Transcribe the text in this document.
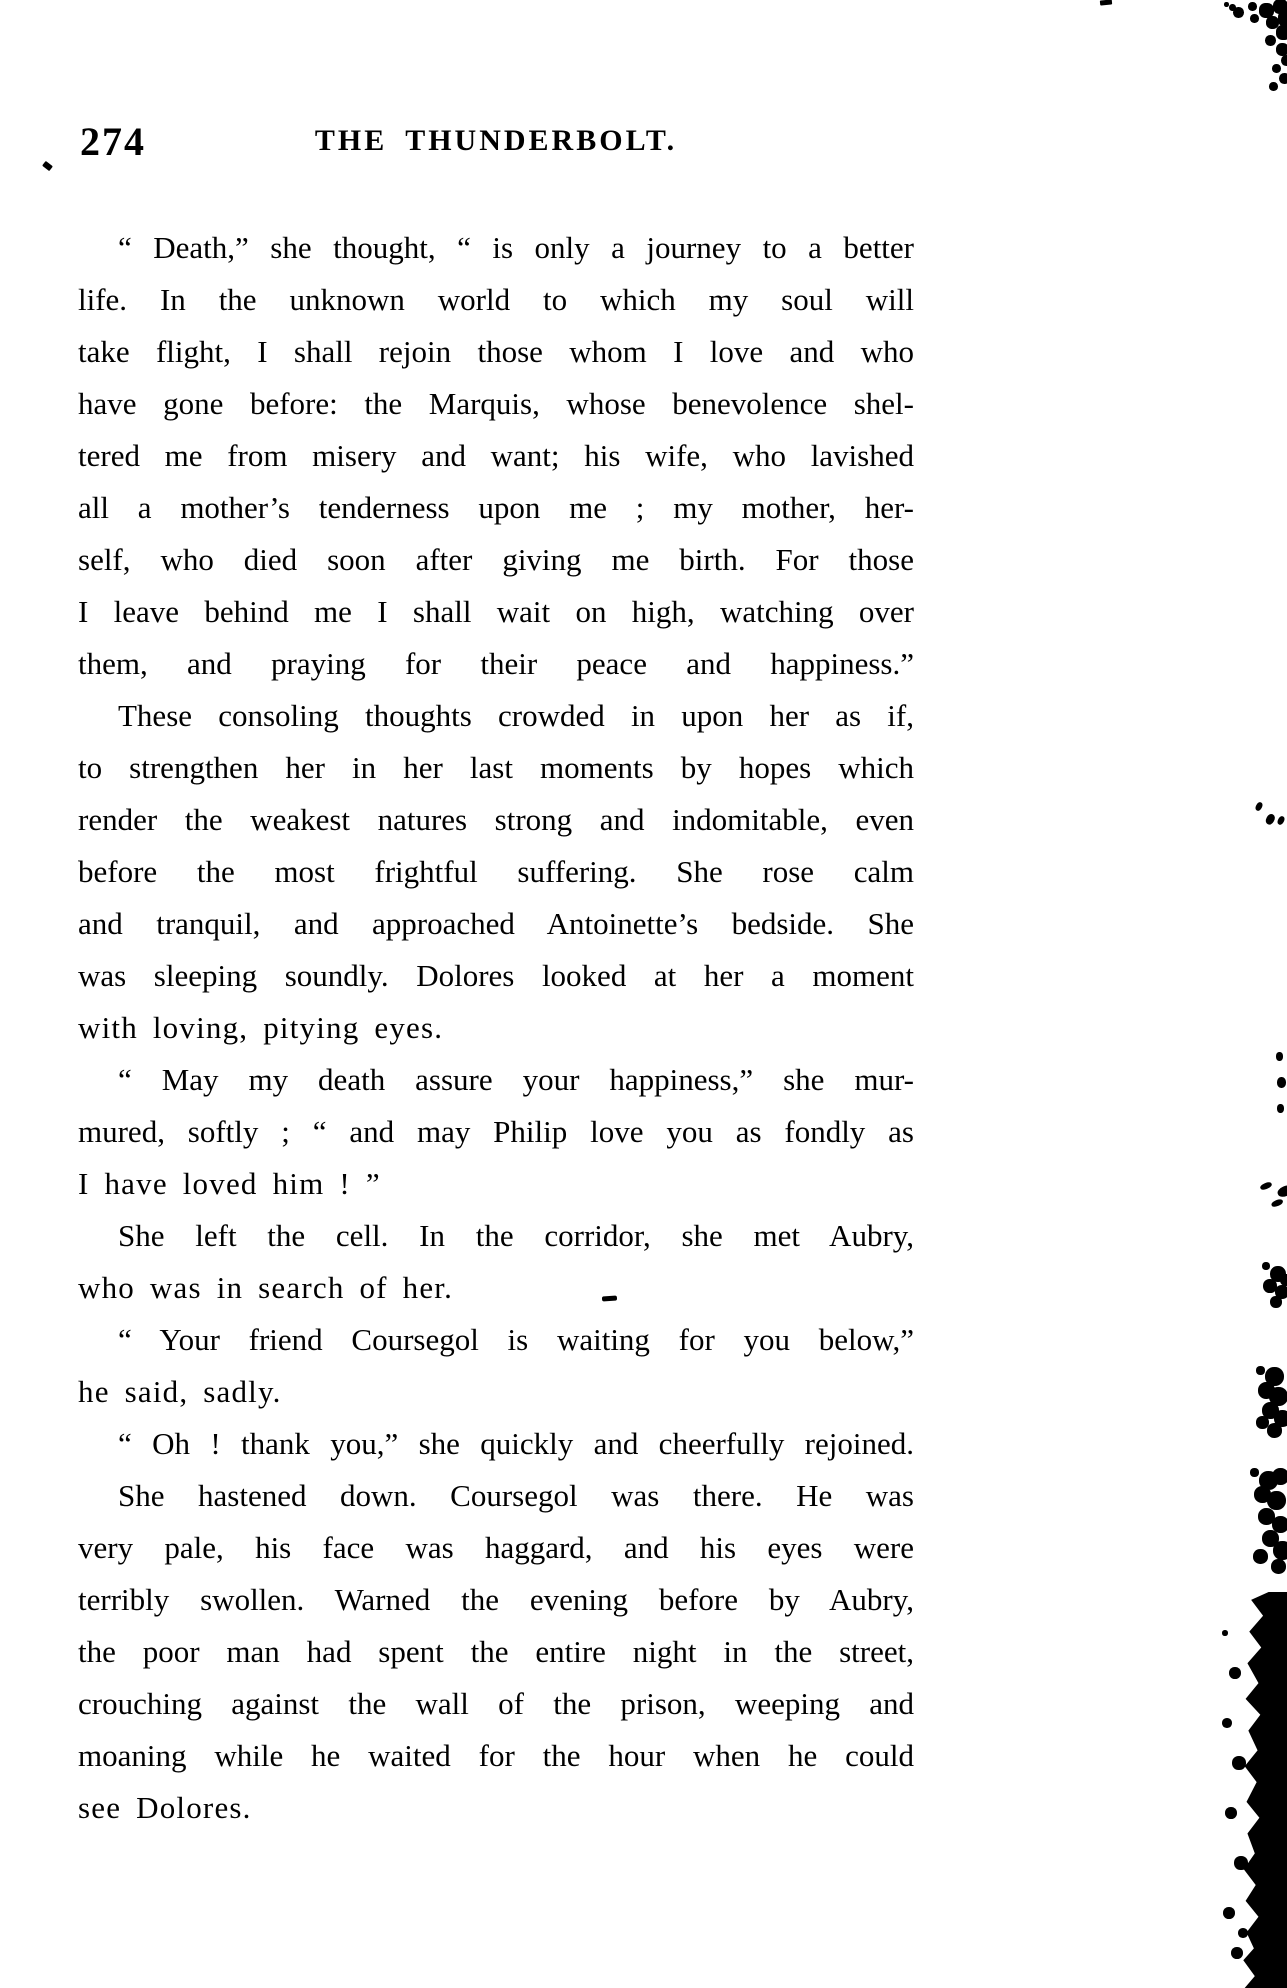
274	THE THUNDERBOLT.
“ Death,” she thought, “ is only a journey to a better
life. In the unknown world to which my soul will
take flight, I shall rejoin those whom I love and who
have gone before: the Marquis, whose benevolence shel-
tered me from misery and want; his wife, who lavished
all a mother’s tenderness upon me ; my mother, her-
self, who died soon after giving me birth. For those
I leave behind me I shall wait on high, watching over
them, and praying for their peace and happiness.”
These consoling thoughts crowded in upon her as if,
to strengthen her in her last moments by hopes which
render the weakest natures strong and indomitable, even
before the most frightful suffering. She rose calm
and tranquil, and approached Antoinette’s bedside. She
was sleeping soundly. Dolores looked at her a moment
with loving, pitying eyes.
“ May my death assure your happiness,” she mur-
mured, softly ; “ and may Philip love you as fondly as
I have loved him ! ”
She left the cell. In the corridor, she met Aubry,
who was in search of her.
“ Your friend Coursegol is waiting for you below,”
he said, sadly.
“ Oh ! thank you,” she quickly and cheerfully rejoined.
She hastened down. Coursegol was there. He was
very pale, his face was haggard, and his eyes were
terribly swollen. Warned the evening before by Aubry,
the poor man had spent the entire night in the street,
crouching against the wall of the prison, weeping and
moaning while he waited for the hour when he could
see Dolores.
